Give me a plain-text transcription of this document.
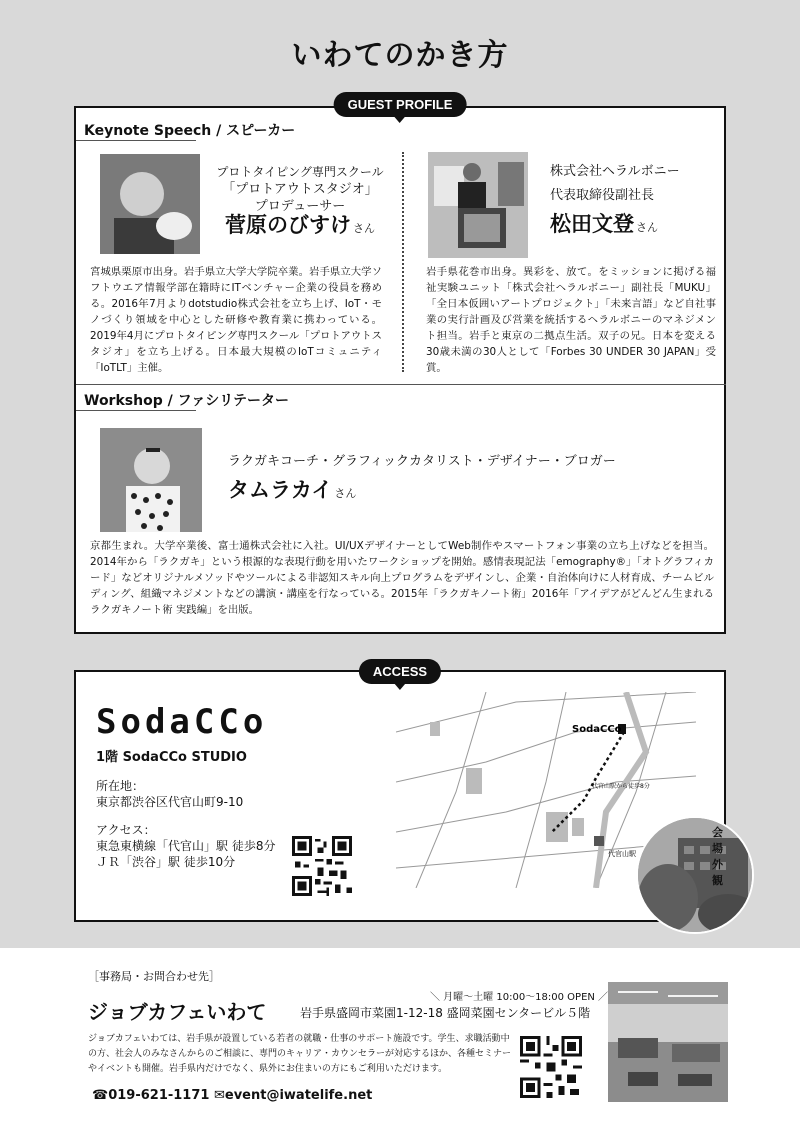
いわてのかき方
GUEST PROFILE
Keynote Speech / スピーカー
プロトタイピング専門スクール
「プロトアウトスタジオ」
プロデューサー
菅原のびすけ さん
宮城県栗原市出身。岩手県立大学大学院卒業。岩手県立大学ソフトウエア情報学部在籍時にITベンチャー企業の役員を務める。2016年7月よりdotstudio株式会社を立ち上げ、IoT・モノづくり領域を中心とした研修や教育業に携わっている。2019年4月にプロトタイピング専門スクール「プロトアウトスタジオ」を立ち上げる。日本最大規模のIoTコミュニティ「IoTLT」主催。
株式会社ヘラルボニー
代表取締役副社長
松田文登 さん
岩手県花巻市出身。異彩を、放て。をミッションに掲げる福祉実験ユニット「株式会社ヘラルボニー」副社長「MUKU」「全日本仮囲いアートプロジェクト」「未来言語」など自社事業の実行計画及び営業を統括するヘラルボニーのマネジメント担当。岩手と東京の二拠点生活。双子の兄。日本を変える30歳未満の30人として「Forbes 30 UNDER 30 JAPAN」受賞。
Workshop / ファシリテーター
ラクガキコーチ・グラフィックカタリスト・デザイナー・ブロガー
タムラカイ さん
京都生まれ。大学卒業後、富士通株式会社に入社。UI/UXデザイナーとしてWeb制作やスマートフォン事業の立ち上げなどを担当。2014年から「ラクガキ」という根源的な表現行動を用いたワークショップを開始。感情表現記法「emography®」「オトグラフィカード」などオリジナルメソッドやツールによる非認知スキル向上プログラムをデザインし、企業・自治体向けに人材育成、チームビルディング、組織マネジメントなどの講演・講座を行なっている。2015年「ラクガキノート術」2016年「アイデアがどんどん生まれる ラクガキノート術 実践編」を出版。
ACCESS
SodaCCo
1階 SodaCCo STUDIO
所在地：
東京都渋谷区代官山町9-10
アクセス：
東急東横線「代官山」駅 徒歩8分
ＪＲ「渋谷」駅 徒歩10分
SodaCCo
代官山駅から徒歩8分
代官山駅
会場外観
［事務局・お問合わせ先］
＼ 月曜〜土曜 10:00〜18:00 OPEN ／
ジョブカフェいわて	岩手県盛岡市菜園1-12-18 盛岡菜園センタービル５階
ジョブカフェいわては、岩手県が設置している若者の就職・仕事のサポート施設です。学生、求職活動中の方、社会人のみなさんからのご相談に、専門のキャリア・カウンセラーが対応するほか、各種セミナーやイベントも開催。岩手県内だけでなく、県外にお住まいの方にもご利用いただけます。
☎019-621-1171 ✉event@iwatelife.net
